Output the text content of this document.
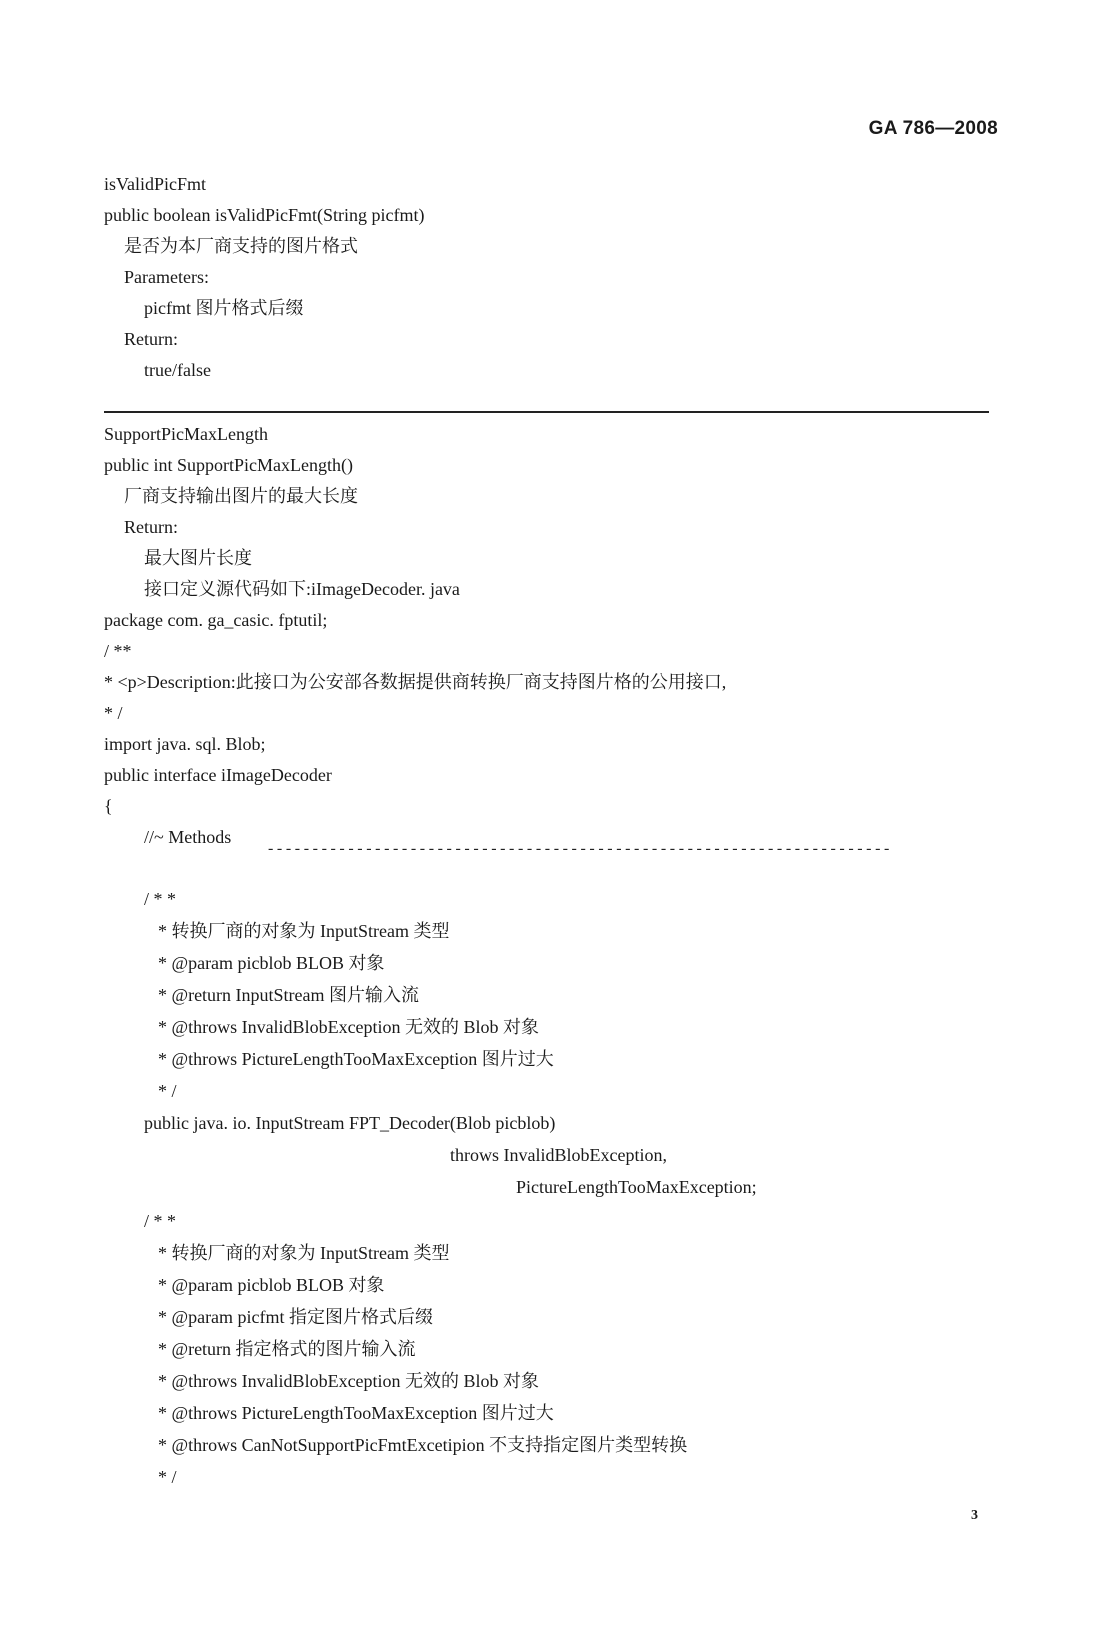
GA 786—2008
isValidPicFmt
public boolean isValidPicFmt(String picfmt)
是否为本厂商支持的图片格式
Parameters:
picfmt 图片格式后缀
Return:
true/false
SupportPicMaxLength
public int SupportPicMaxLength()
厂商支持输出图片的最大长度
Return:
最大图片长度
接口定义源代码如下:iImageDecoder. java
package com. ga_casic. fptutil;
/ **
* <p>Description:此接口为公安部各数据提供商转换厂商支持图片格的公用接口,
* /
import java. sql. Blob;
public interface iImageDecoder
{
//~ Methods
----------------------------------------------------------------------
/ * *
* 转换厂商的对象为 InputStream 类型
* @param picblob BLOB 对象
* @return InputStream 图片输入流
* @throws InvalidBlobException 无效的 Blob 对象
* @throws PictureLengthTooMaxException 图片过大
* /
public java. io. InputStream FPT_Decoder(Blob picblob)
throws InvalidBlobException,
PictureLengthTooMaxException;
/ * *
* 转换厂商的对象为 InputStream 类型
* @param picblob BLOB 对象
* @param picfmt 指定图片格式后缀
* @return 指定格式的图片输入流
* @throws InvalidBlobException 无效的 Blob 对象
* @throws PictureLengthTooMaxException 图片过大
* @throws CanNotSupportPicFmtExcetipion 不支持指定图片类型转换
* /
3
